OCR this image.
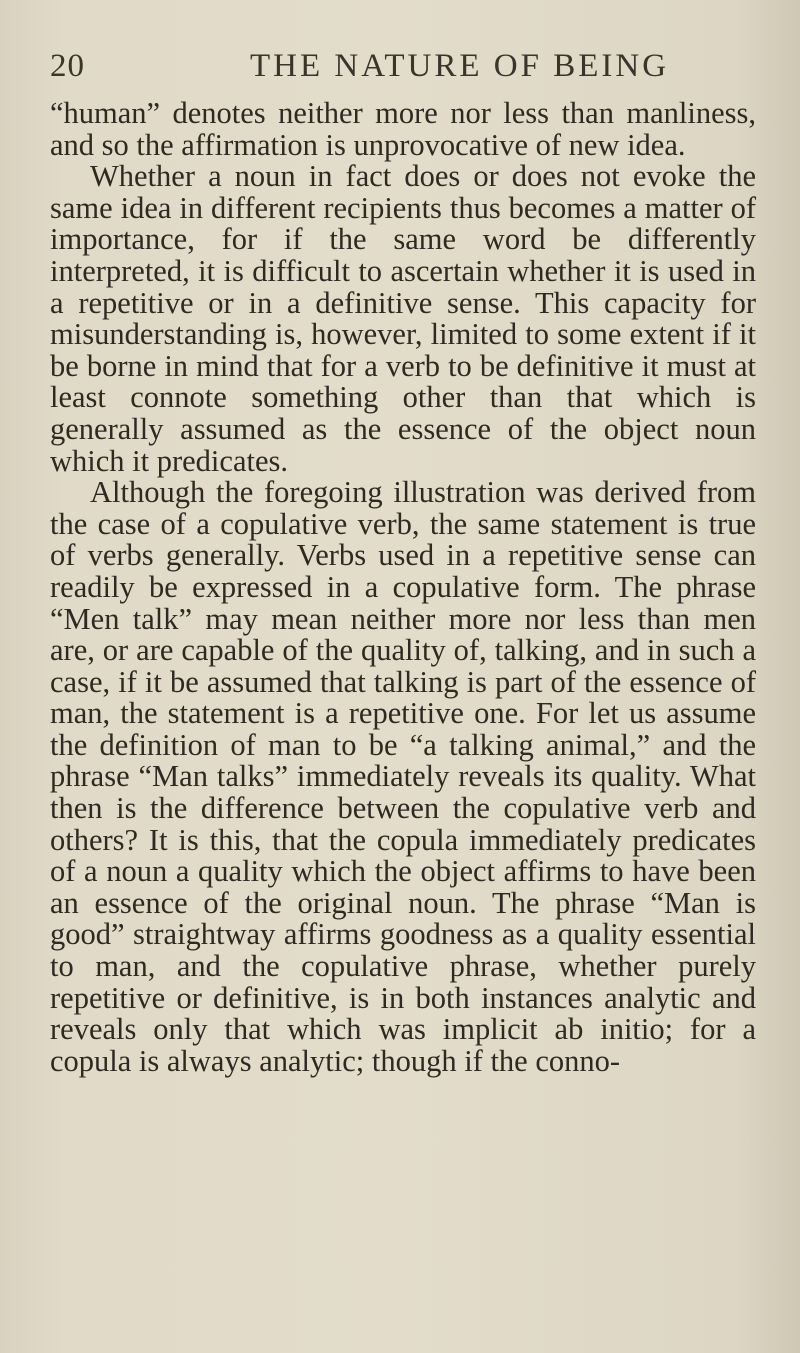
20	THE NATURE OF BEING

“human” denotes neither more nor less than manliness, and so the affirmation is unprovocative of new idea.

Whether a noun in fact does or does not evoke the same idea in different recipients thus becomes a matter of importance, for if the same word be differently interpreted, it is difficult to ascertain whether it is used in a repetitive or in a definitive sense. This capacity for misunderstanding is, however, limited to some extent if it be borne in mind that for a verb to be definitive it must at least connote something other than that which is generally assumed as the essence of the object noun which it predicates.

Although the foregoing illustration was derived from the case of a copulative verb, the same statement is true of verbs generally. Verbs used in a repetitive sense can readily be expressed in a copulative form. The phrase “Men talk” may mean neither more nor less than men are, or are capable of the quality of, talking, and in such a case, if it be assumed that talking is part of the essence of man, the statement is a repetitive one. For let us assume the definition of man to be “a talking animal,” and the phrase “Man talks” immediately reveals its quality. What then is the difference between the copulative verb and others? It is this, that the copula immediately predicates of a noun a quality which the object affirms to have been an essence of the original noun. The phrase “Man is good” straightway affirms goodness as a quality essential to man, and the copulative phrase, whether purely repetitive or definitive, is in both instances analytic and reveals only that which was implicit ab initio; for a copula is always analytic; though if the conno-
